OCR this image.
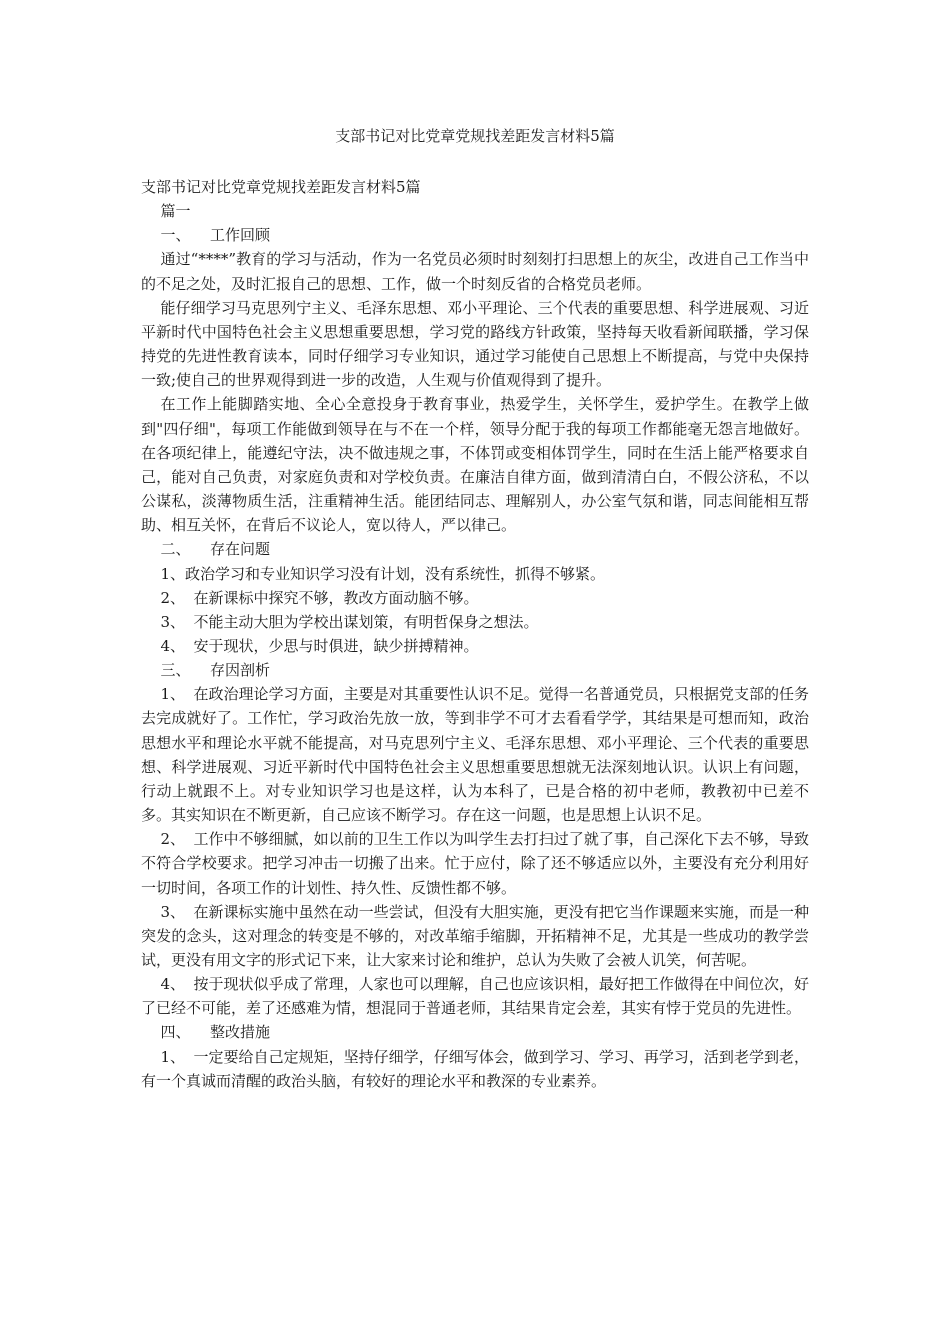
支部书记对比党章党规找差距发言材料5篇

支部书记对比党章党规找差距发言材料5篇

篇一

一、 工作回顾

通过“****”教育的学习与活动，作为一名党员必须时时刻刻打扫思想上的灰尘，改进自己工作当中的不足之处，及时汇报自己的思想、工作，做一个时刻反省的合格党员老师。

能仔细学习马克思列宁主义、毛泽东思想、邓小平理论、三个代表的重要思想、科学进展观、习近平新时代中国特色社会主义思想重要思想，学习党的路线方针政策，坚持每天收看新闻联播，学习保持党的先进性教育读本，同时仔细学习专业知识，通过学习能使自己思想上不断提高，与党中央保持一致;使自己的世界观得到进一步的改造，人生观与价值观得到了提升。

在工作上能脚踏实地、全心全意投身于教育事业，热爱学生，关怀学生，爱护学生。在教学上做到"四仔细"，每项工作能做到领导在与不在一个样，领导分配于我的每项工作都能毫无怨言地做好。在各项纪律上，能遵纪守法，决不做违规之事，不体罚或变相体罚学生，同时在生活上能严格要求自己，能对自己负责，对家庭负责和对学校负责。在廉洁自律方面，做到清清白白，不假公济私，不以公谋私，淡薄物质生活，注重精神生活。能团结同志、理解别人，办公室气氛和谐，同志间能相互帮助、相互关怀，在背后不议论人，宽以待人，严以律己。

二、 存在问题

1、政治学习和专业知识学习没有计划，没有系统性，抓得不够紧。

2、 在新课标中探究不够，教改方面动脑不够。

3、 不能主动大胆为学校出谋划策，有明哲保身之想法。

4、 安于现状，少思与时俱进，缺少拼搏精神。

三、 存因剖析

1、 在政治理论学习方面，主要是对其重要性认识不足。觉得一名普通党员，只根据党支部的任务去完成就好了。工作忙，学习政治先放一放，等到非学不可才去看看学学，其结果是可想而知，政治思想水平和理论水平就不能提高，对马克思列宁主义、毛泽东思想、邓小平理论、三个代表的重要思想、科学进展观、习近平新时代中国特色社会主义思想重要思想就无法深刻地认识。认识上有问题，行动上就跟不上。对专业知识学习也是这样，认为本科了，已是合格的初中老师，教教初中已差不多。其实知识在不断更新，自己应该不断学习。存在这一问题，也是思想上认识不足。

2、 工作中不够细腻，如以前的卫生工作以为叫学生去打扫过了就了事，自己深化下去不够，导致不符合学校要求。把学习冲击一切搬了出来。忙于应付，除了还不够适应以外，主要没有充分利用好一切时间，各项工作的计划性、持久性、反馈性都不够。

3、 在新课标实施中虽然在动一些尝试，但没有大胆实施，更没有把它当作课题来实施，而是一种突发的念头，这对理念的转变是不够的，对改革缩手缩脚，开拓精神不足，尤其是一些成功的教学尝试，更没有用文字的形式记下来，让大家来讨论和维护，总认为失败了会被人讥笑，何苦呢。

4、 按于现状似乎成了常理，人家也可以理解，自己也应该识相，最好把工作做得在中间位次，好了已经不可能，差了还感难为情，想混同于普通老师，其结果肯定会差，其实有悖于党员的先进性。

四、 整改措施

1、 一定要给自己定规矩，坚持仔细学，仔细写体会，做到学习、学习、再学习，活到老学到老，有一个真诚而清醒的政治头脑，有较好的理论水平和教深的专业素养。
